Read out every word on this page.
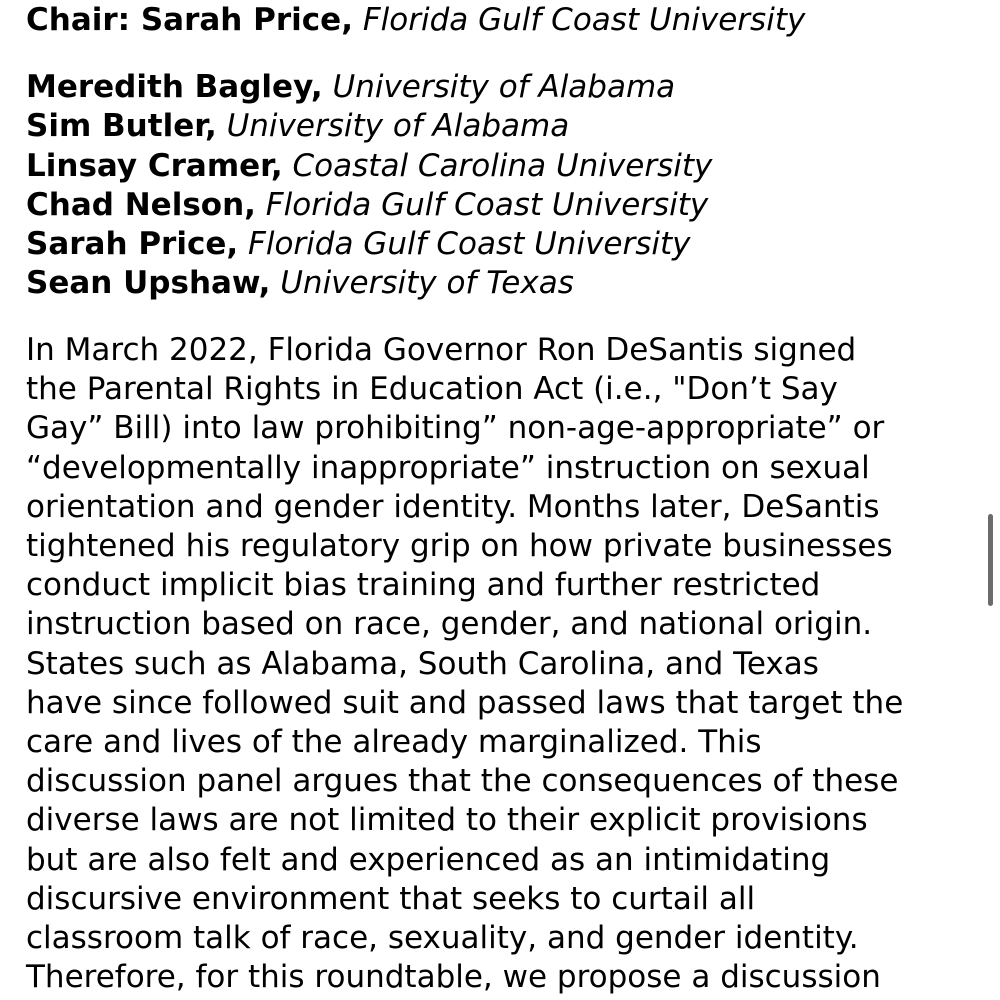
Chair: Sarah Price, Florida Gulf Coast University
Meredith Bagley, University of Alabama
Sim Butler, University of Alabama
Linsay Cramer, Coastal Carolina University
Chad Nelson, Florida Gulf Coast University
Sarah Price, Florida Gulf Coast University
Sean Upshaw, University of Texas
In March 2022, Florida Governor Ron DeSantis signed
the Parental Rights in Education Act (i.e., "Don’t Say
Gay” Bill) into law prohibiting” non-age-appropriate” or
“developmentally inappropriate” instruction on sexual
orientation and gender identity. Months later, DeSantis
tightened his regulatory grip on how private businesses
conduct implicit bias training and further restricted
instruction based on race, gender, and national origin.
States such as Alabama, South Carolina, and Texas
have since followed suit and passed laws that target the
care and lives of the already marginalized. This
discussion panel argues that the consequences of these
diverse laws are not limited to their explicit provisions
but are also felt and experienced as an intimidating
discursive environment that seeks to curtail all
classroom talk of race, sexuality, and gender identity.
Therefore, for this roundtable, we propose a discussion
